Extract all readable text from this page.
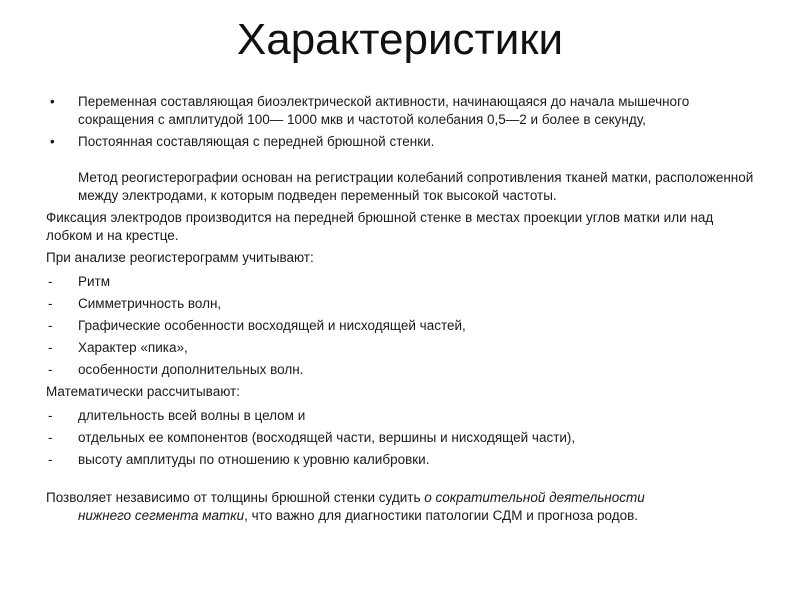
Характеристики
•	Переменная составляющая биоэлектрической активности, начинающаяся до начала мышечного сокращения с амплитудой 100— 1000 мкв и частотой колебания 0,5—2 и более в секунду,
•	Постоянная составляющая с передней брюшной стенки.
Метод реогистерографии основан на регистрации колебаний сопротивления тканей матки, расположенной между электродами, к которым подведен переменный ток высокой частоты.
Фиксация электродов производится на передней брюшной стенке в местах проекции углов матки или над лобком и на крестце.
При анализе реогистерограмм учитывают:
-	Ритм
-	Симметричность волн,
-	Графические особенности восходящей и нисходящей частей,
-	Характер «пика»,
-	особенности дополнительных волн.
Математически рассчитывают:
-	длительность всей волны в целом и
-	отдельных ее компонентов (восходящей части, вершины и нисходящей части),
-	высоту амплитуды по отношению к уровню калибровки.
Позволяет независимо от толщины брюшной стенки судить о сократительной деятельности
нижнего сегмента матки, что важно для диагностики патологии СДМ и прогноза родов.
